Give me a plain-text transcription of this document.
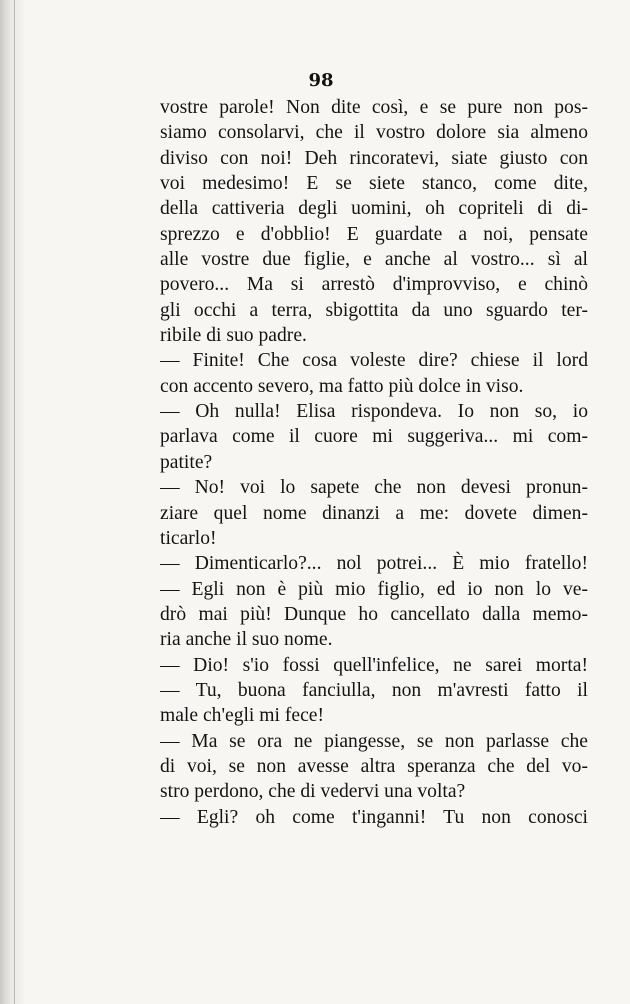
98

vostre parole! Non dite così, e se pure non pos-
siamo consolarvi, che il vostro dolore sia almeno
diviso con noi! Deh rincoratevi, siate giusto con
voi medesimo! E se siete stanco, come dite,
della cattiveria degli uomini, oh copriteli di di-
sprezzo e d'obblio! E guardate a noi, pensate
alle vostre due figlie, e anche al vostro... sì al
povero... Ma si arrestò d'improvviso, e chinò
gli occhi a terra, sbigottita da uno sguardo ter-
ribile di suo padre.
— Finite! Che cosa voleste dire? chiese il lord
con accento severo, ma fatto più dolce in viso.
— Oh nulla! Elisa rispondeva. Io non so, io
parlava come il cuore mi suggeriva... mi com-
patite?
— No! voi lo sapete che non devesi pronun-
ziare quel nome dinanzi a me: dovete dimen-
ticarlo!
— Dimenticarlo?... nol potrei... È mio fratello!
— Egli non è più mio figlio, ed io non lo ve-
drò mai più! Dunque ho cancellato dalla memo-
ria anche il suo nome.
— Dio! s'io fossi quell'infelice, ne sarei morta!
— Tu, buona fanciulla, non m'avresti fatto il
male ch'egli mi fece!
— Ma se ora ne piangesse, se non parlasse che
di voi, se non avesse altra speranza che del vo-
stro perdono, che di vedervi una volta?
— Egli? oh come t'inganni! Tu non conosci
